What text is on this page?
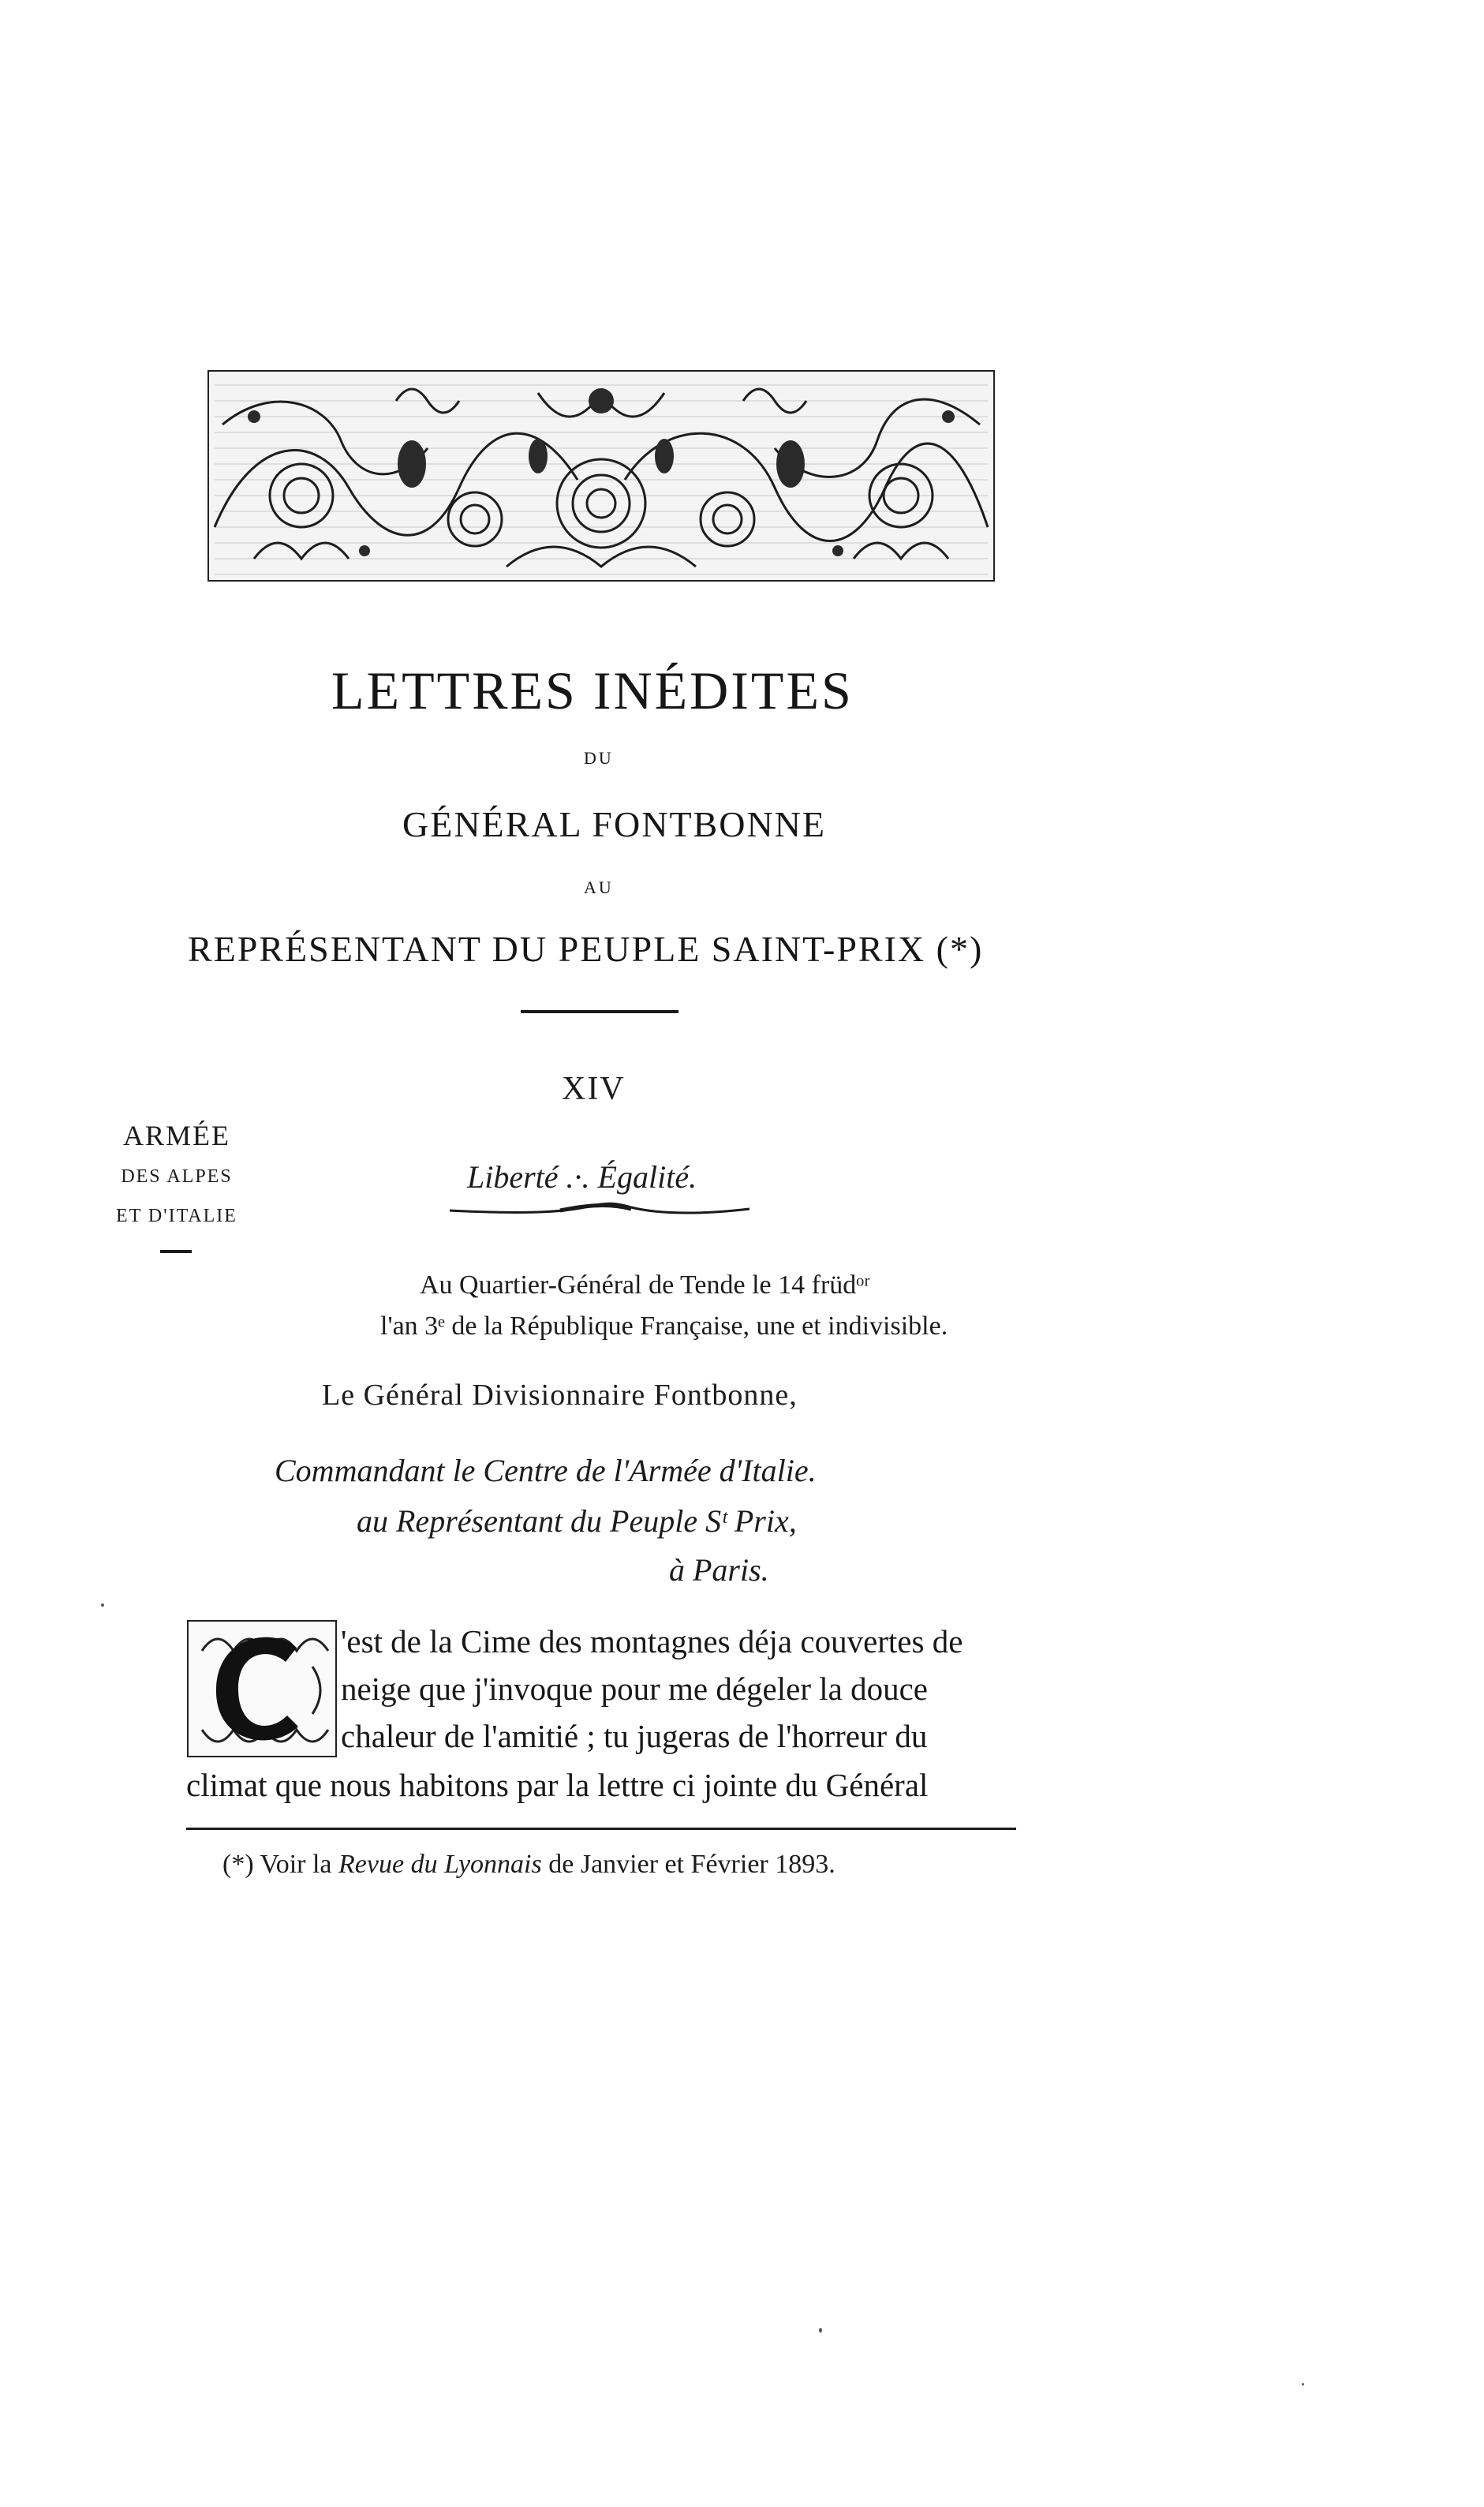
LETTRES INÉDITES
DU
GÉNÉRAL FONTBONNE
AU
REPRÉSENTANT DU PEUPLE SAINT-PRIX (*)
XIV
ARMÉE
DES ALPES
ET D'ITALIE
Liberté .·. Égalité.
Au Quartier-Général de Tende le 14 früdᵒʳ
l'an 3ᵉ de la République Française, une et indivisible.
Le Général Divisionnaire Fontbonne,
Commandant le Centre de l'Armée d'Italie.
au Représentant du Peuple Sᵗ Prix,
à Paris.
'est de la Cime des montagnes déja couvertes de
neige que j'invoque pour me dégeler la douce
chaleur de l'amitié ; tu jugeras de l'horreur du
climat que nous habitons par la lettre ci jointe du Général
(*) Voir la Revue du Lyonnais de Janvier et Février 1893.
